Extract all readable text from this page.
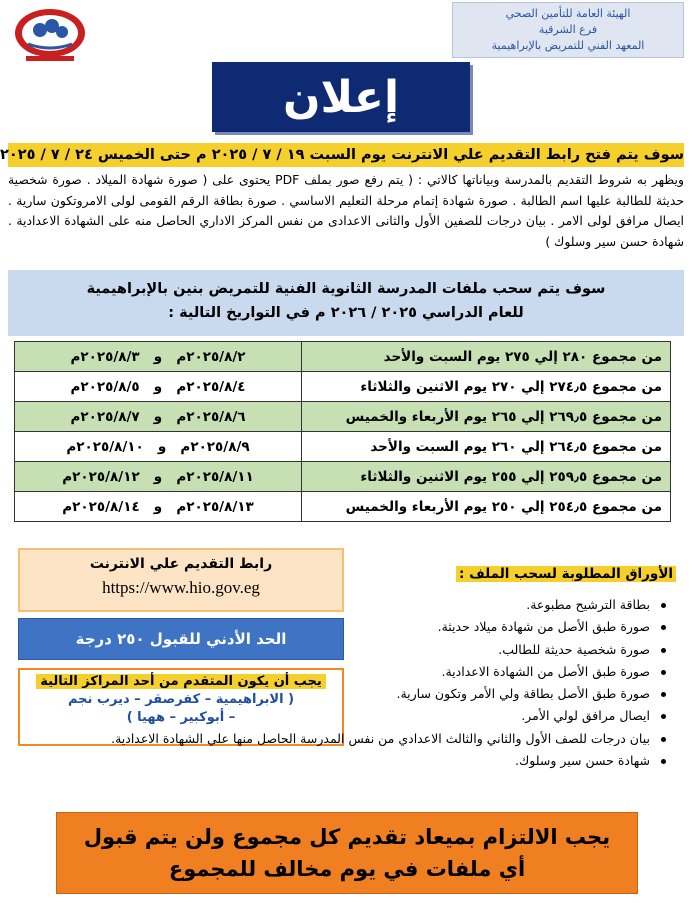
الهيئة العامة للتأمين الصحي
فرع الشرقية
المعهد الفني للتمريض بالإبراهيمية
إعلان
سوف يتم فتح رابط التقديم علي الانترنت يوم السبت ١٩ / ٧ / ٢٠٢٥ م حتى الخميس ٢٤ / ٧ / ٢٠٢٥
ويظهر به شروط التقديم بالمدرسة وبياناتها كالاتي : ( يتم رفع صور بملف PDF يحتوى على ( صورة شهادة الميلاد . صورة شخصية حديثة للطالبة عليها اسم الطالبة . صورة شهادة إتمام مرحلة التعليم الاساسي . صورة بطاقة الرقم القومى لولى الامروتكون سارية . ايصال مرافق لولى الامر . بيان درجات للصفين الأول والثانى الاعدادى من نفس المركز الاداري الحاصل منه على الشهادة الاعدادية . شهادة حسن سير وسلوك )
سوف يتم سحب ملفات المدرسة الثانوية الفنية للتمريض بنين بالإبراهيمية
للعام الدراسي ٢٠٢٥ / ٢٠٢٦ م في التواريخ التالية :
من مجموع ٢٨٠ إلي ٢٧٥ يوم السبت والأحد	٢٠٢٥/٨/٢م   و   ٢٠٢٥/٨/٣م
من مجموع ٢٧٤٫٥ إلي ٢٧٠ يوم الاثنين والثلاثاء	٢٠٢٥/٨/٤م   و   ٢٠٢٥/٨/٥م
من مجموع ٢٦٩٫٥ إلي ٢٦٥ يوم الأربعاء والخميس	٢٠٢٥/٨/٦م   و   ٢٠٢٥/٨/٧م
من مجموع ٢٦٤٫٥ إلي ٢٦٠ يوم السبت والأحد	٢٠٢٥/٨/٩م   و   ٢٠٢٥/٨/١٠م
من مجموع ٢٥٩٫٥ إلي ٢٥٥ يوم الاثنين والثلاثاء	٢٠٢٥/٨/١١م   و   ٢٠٢٥/٨/١٢م
من مجموع ٢٥٤٫٥ إلي ٢٥٠ يوم الأربعاء والخميس	٢٠٢٥/٨/١٣م   و   ٢٠٢٥/٨/١٤م
رابط التقديم علي الانترنت
https://www.hio.gov.eg
الحد الأدني للقبول ٢٥٠ درجة
يجب أن يكون المتقدم من أحد المراكز التالية
( الابراهيمية – كفرصقر – ديرب نجم
– أبوكبير – ههيا )
الأوراق المطلوبة لسحب الملف :
بطاقة الترشيح مطبوعة.
صورة طبق الأصل من شهادة ميلاد حديثة.
صورة شخصية حديثة للطالب.
صورة طبق الأصل من الشهادة الاعدادية.
صورة طبق الأصل بطاقة ولي الأمر وتكون سارية.
ايصال مرافق لولي الأمر.
بيان درجات للصف الأول والثاني والثالث الاعدادي من نفس المدرسة الحاصل منها علي الشهادة الاعدادية.
شهادة حسن سير وسلوك.
يجب الالتزام بميعاد تقديم كل مجموع ولن يتم قبول
أي ملفات في يوم مخالف للمجموع
